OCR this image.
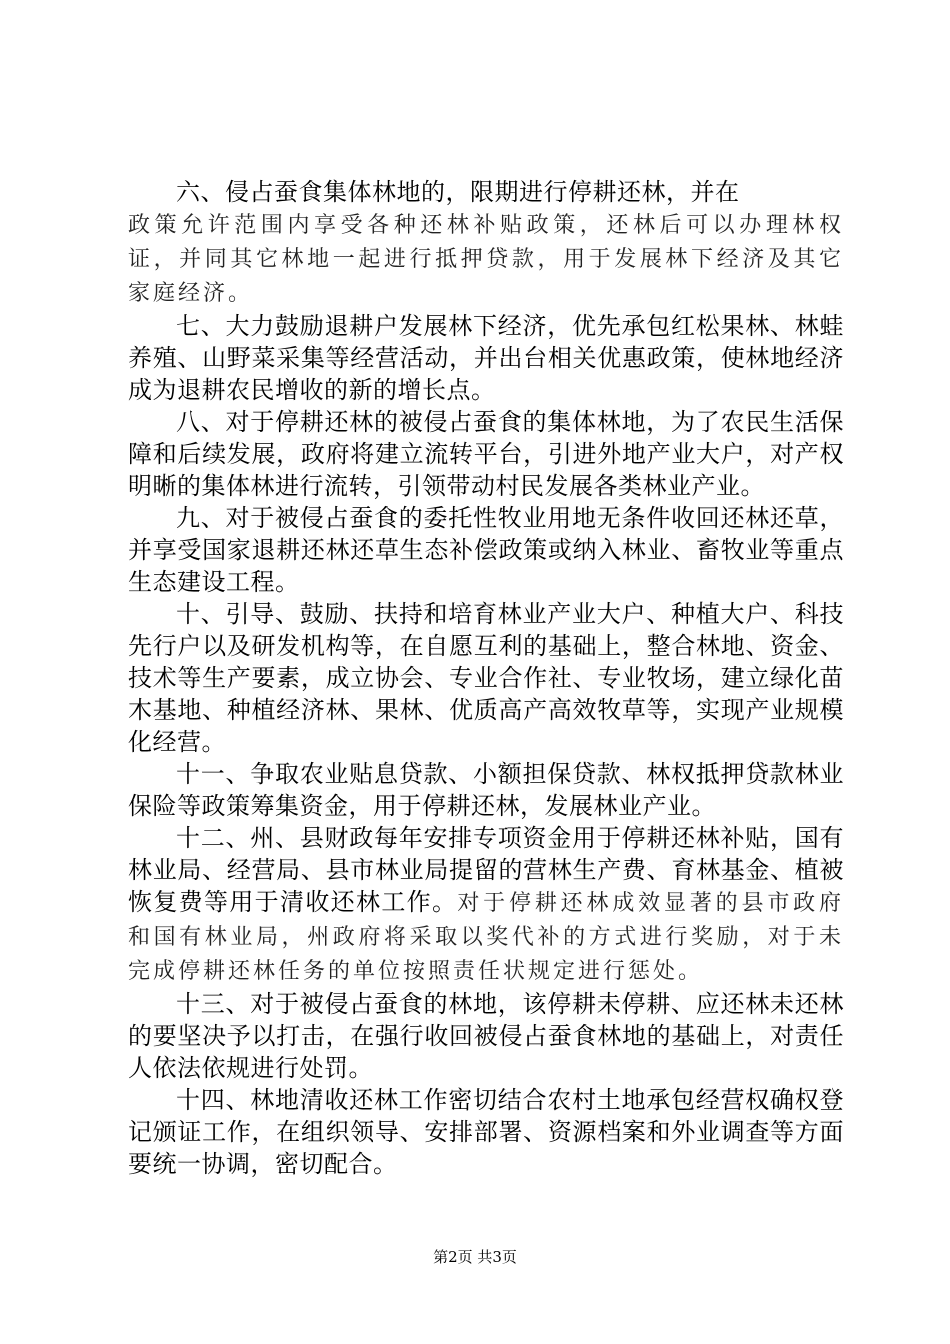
六、侵占蚕食集体林地的，限期进行停耕还林，并在
政策允许范围内享受各种还林补贴政策，还林后可以办理林权证，并同其它林地一起进行抵押贷款，用于发展林下经济及其它家庭经济。

七、大力鼓励退耕户发展林下经济，优先承包红松果林、林蛙养殖、山野菜采集等经营活动，并出台相关优惠政策，使林地经济成为退耕农民增收的新的增长点。

八、对于停耕还林的被侵占蚕食的集体林地，为了农民生活保障和后续发展，政府将建立流转平台，引进外地产业大户，对产权明晰的集体林进行流转，引领带动村民发展各类林业产业。

九、对于被侵占蚕食的委托性牧业用地无条件收回还林还草，并享受国家退耕还林还草生态补偿政策或纳入林业、畜牧业等重点生态建设工程。

十、引导、鼓励、扶持和培育林业产业大户、种植大户、科技先行户以及研发机构等，在自愿互利的基础上，整合林地、资金、技术等生产要素，成立协会、专业合作社、专业牧场，建立绿化苗木基地、种植经济林、果林、优质高产高效牧草等，实现产业规模化经营。

十一、争取农业贴息贷款、小额担保贷款、林权抵押贷款林业保险等政策筹集资金，用于停耕还林，发展林业产业。

十二、州、县财政每年安排专项资金用于停耕还林补贴，国有林业局、经营局、县市林业局提留的营林生产费、育林基金、植被恢复费等用于清收还林工作。对于停耕还林成效显著的县市政府和国有林业局，州政府将采取以奖代补的方式进行奖励，对于未完成停耕还林任务的单位按照责任状规定进行惩处。

十三、对于被侵占蚕食的林地，该停耕未停耕、应还林未还林的要坚决予以打击，在强行收回被侵占蚕食林地的基础上，对责任人依法依规进行处罚。

十四、林地清收还林工作密切结合农村土地承包经营权确权登记颁证工作，在组织领导、安排部署、资源档案和外业调查等方面要统一协调，密切配合。

第2页 共3页
